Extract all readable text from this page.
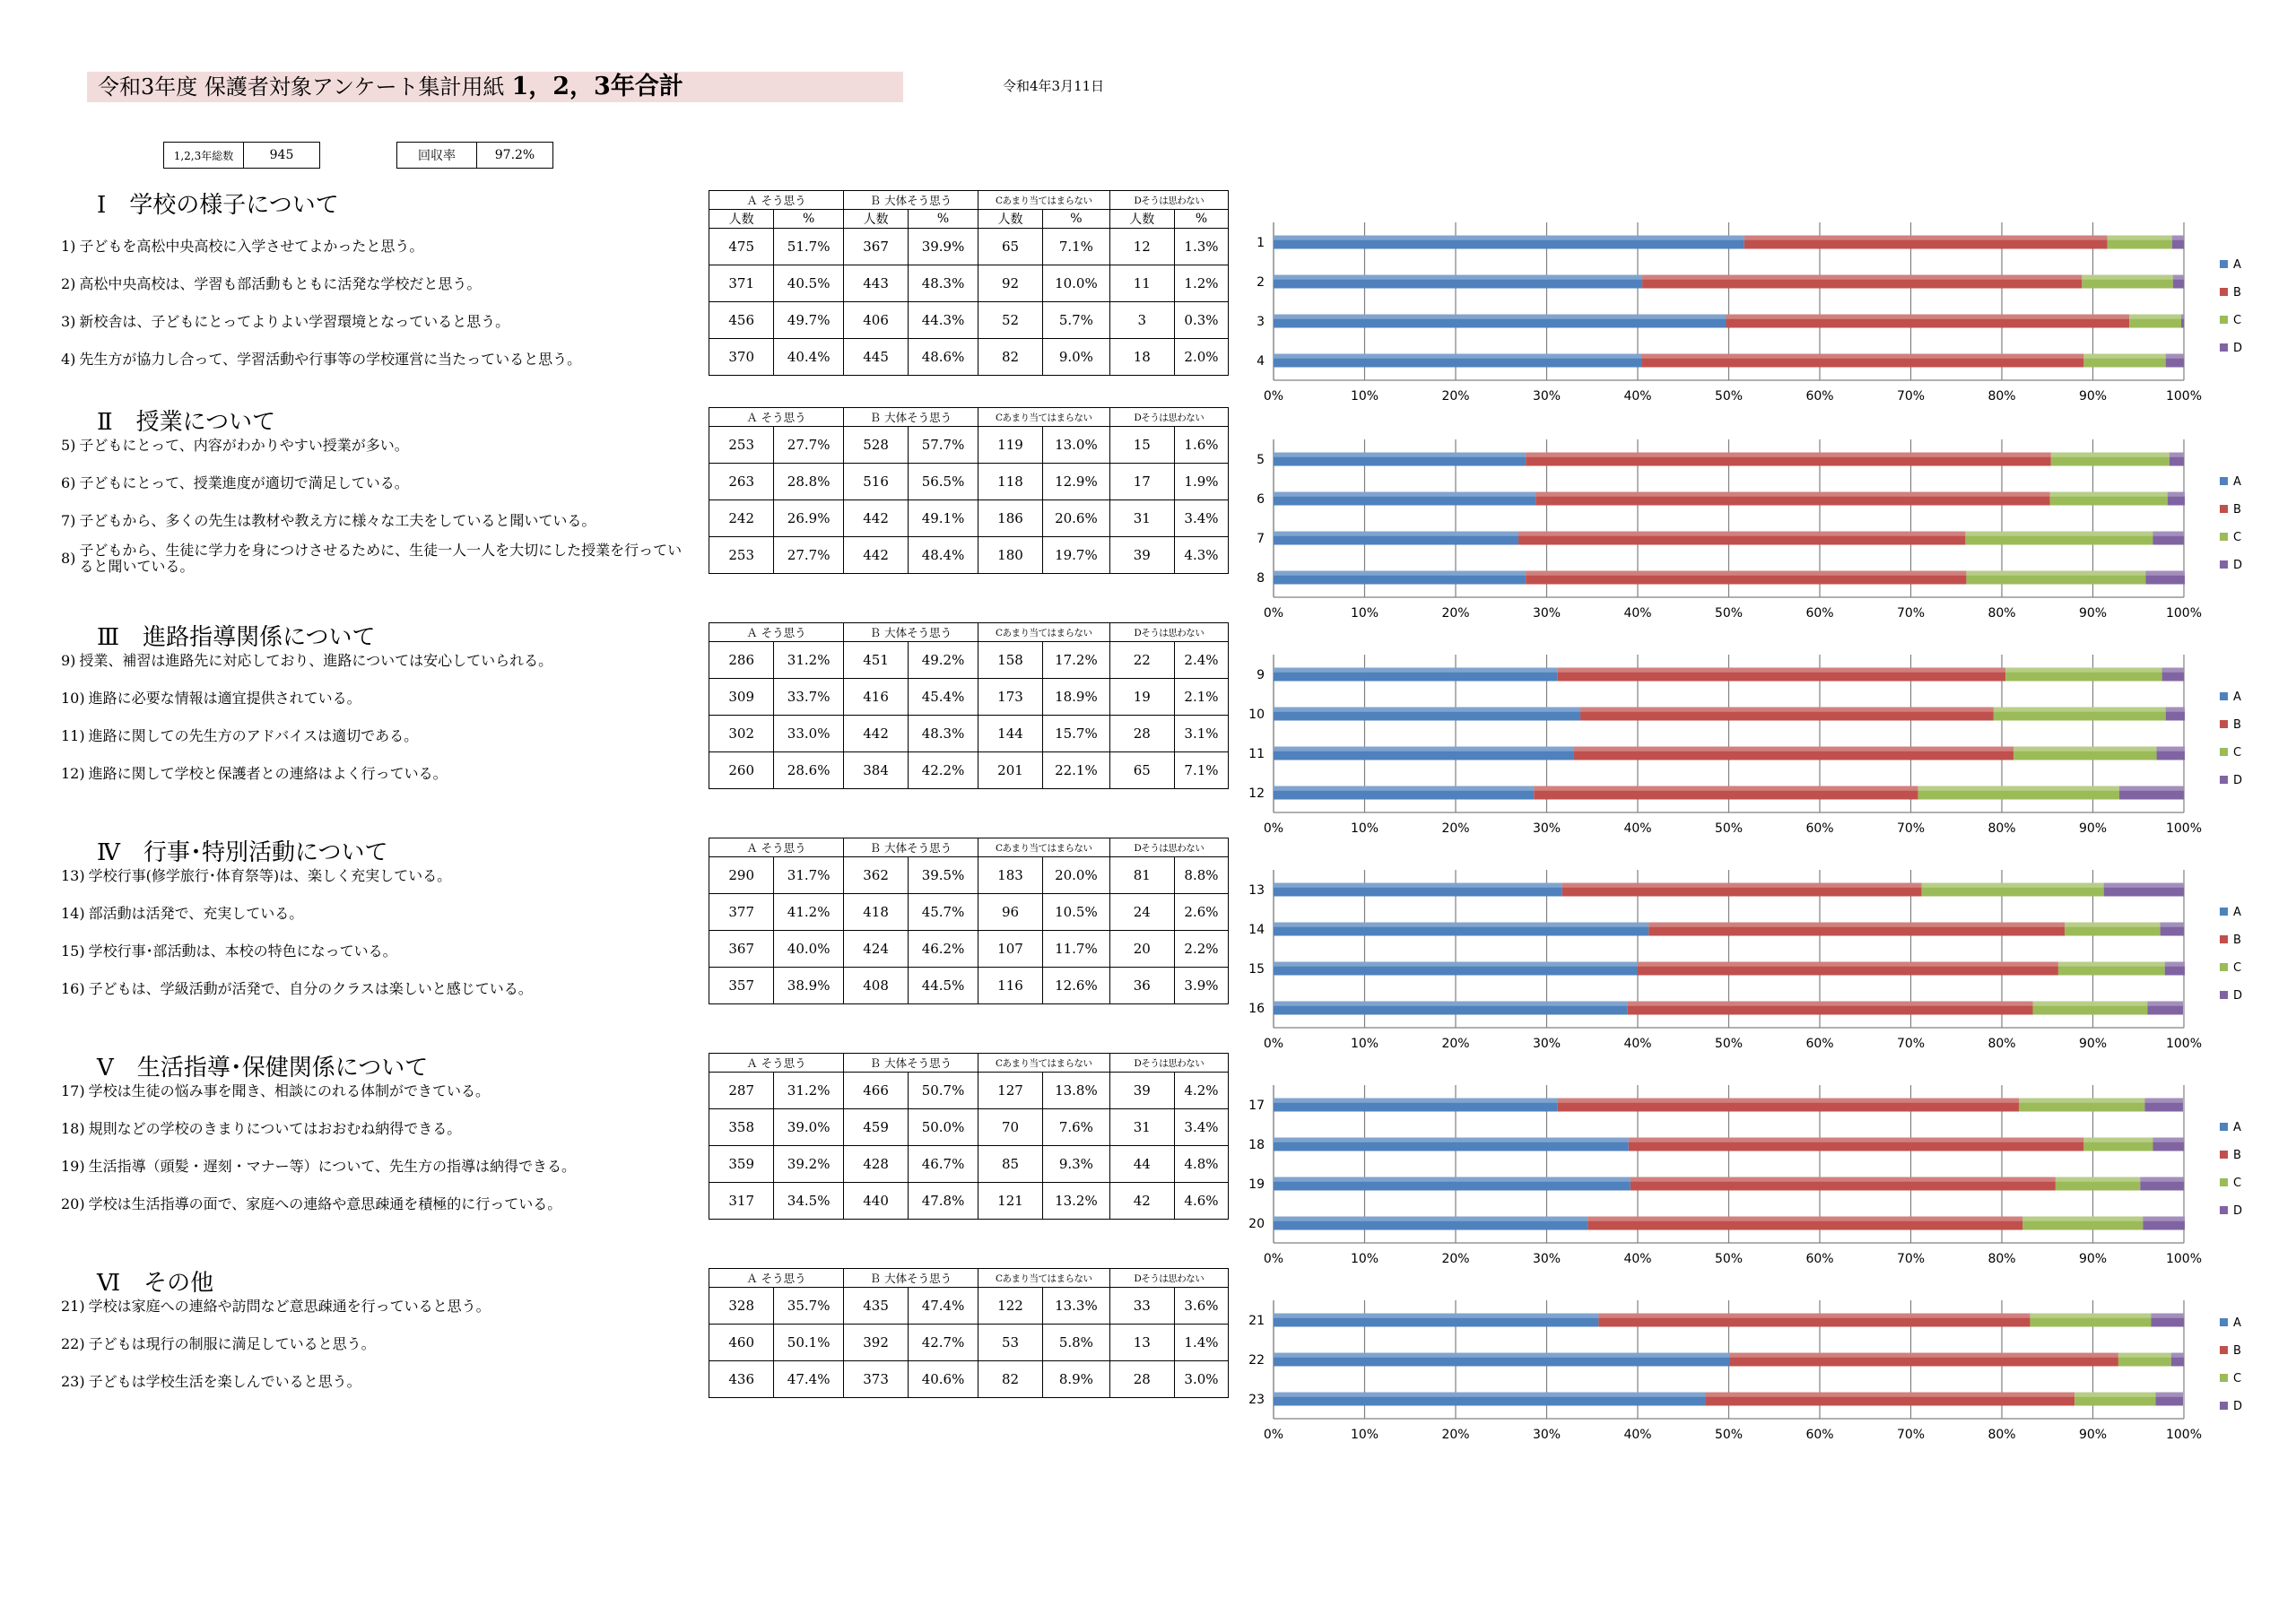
令和3年度 保護者対象アンケート集計用紙 1，2，3年合計	令和4年3月11日
1,2,3年総数	945	回収率	97.2%
Ⅰ　学校の様子について	Ａ そう思う		Ｂ 大体そう思う		Cあまり当てはまらない		Dそうは思わない	
人数	%	人数	%	人数	%	人数	%
475	51.7%	367	39.9%	65	7.1%	12	1.3%
371	40.5%	443	48.3%	92	10.0%	11	1.2%
456	49.7%	406	44.3%	52	5.7%	3	0.3%
370	40.4%	445	48.6%	82	9.0%	18	2.0%
1) 子どもを高松中央高校に入学させてよかったと思う。
2) 高松中央高校は、学習も部活動もともに活発な学校だと思う。
3) 新校舎は、子どもにとってよりよい学習環境となっていると思う。
4) 先生方が協力し合って、学習活動や行事等の学校運営に当たっていると思う。
0%	10%	20%	30%	40%	50%	60%	70%	80%	90%	100%
1
2
3
4
A
B
C
D
Ⅱ　授業について	Ａ そう思う		Ｂ 大体そう思う		Cあまり当てはまらない		Dそうは思わない	
253	27.7%	528	57.7%	119	13.0%	15	1.6%
263	28.8%	516	56.5%	118	12.9%	17	1.9%
242	26.9%	442	49.1%	186	20.6%	31	3.4%
253	27.7%	442	48.4%	180	19.7%	39	4.3%
5) 子どもにとって、内容がわかりやすい授業が多い。
6) 子どもにとって、授業進度が適切で満足している。
7) 子どもから、多くの先生は教材や教え方に様々な工夫をしていると聞いている。
8) 子どもから、生徒に学力を身につけさせるために、生徒一人一人を大切にした授業を行っていると聞いている。
0%	10%	20%	30%	40%	50%	60%	70%	80%	90%	100%
5
6
7
8
A
B
C
D
Ⅲ　進路指導関係について	Ａ そう思う		Ｂ 大体そう思う		Cあまり当てはまらない		Dそうは思わない	
286	31.2%	451	49.2%	158	17.2%	22	2.4%
309	33.7%	416	45.4%	173	18.9%	19	2.1%
302	33.0%	442	48.3%	144	15.7%	28	3.1%
260	28.6%	384	42.2%	201	22.1%	65	7.1%
9) 授業、補習は進路先に対応しており、進路については安心していられる。
10) 進路に必要な情報は適宜提供されている。
11) 進路に関しての先生方のアドバイスは適切である。
12) 進路に関して学校と保護者との連絡はよく行っている。
0%	10%	20%	30%	40%	50%	60%	70%	80%	90%	100%
9
10
11
12
A
B
C
D
Ⅳ　行事･特別活動について	Ａ そう思う		Ｂ 大体そう思う		Cあまり当てはまらない		Dそうは思わない	
290	31.7%	362	39.5%	183	20.0%	81	8.8%
377	41.2%	418	45.7%	96	10.5%	24	2.6%
367	40.0%	424	46.2%	107	11.7%	20	2.2%
357	38.9%	408	44.5%	116	12.6%	36	3.9%
13) 学校行事(修学旅行･体育祭等)は、楽しく充実している。
14) 部活動は活発で、充実している。
15) 学校行事･部活動は、本校の特色になっている。
16) 子どもは、学級活動が活発で、自分のクラスは楽しいと感じている。
0%	10%	20%	30%	40%	50%	60%	70%	80%	90%	100%
13
14
15
16
A
B
C
D
Ⅴ　生活指導･保健関係について	Ａ そう思う		Ｂ 大体そう思う		Cあまり当てはまらない		Dそうは思わない	
287	31.2%	466	50.7%	127	13.8%	39	4.2%
358	39.0%	459	50.0%	70	7.6%	31	3.4%
359	39.2%	428	46.7%	85	9.3%	44	4.8%
317	34.5%	440	47.8%	121	13.2%	42	4.6%
17) 学校は生徒の悩み事を聞き、相談にのれる体制ができている。
18) 規則などの学校のきまりについてはおおむね納得できる。
19) 生活指導（頭髪・遅刻・マナー等）について、先生方の指導は納得できる。
20) 学校は生活指導の面で、家庭への連絡や意思疎通を積極的に行っている。
0%	10%	20%	30%	40%	50%	60%	70%	80%	90%	100%
17
18
19
20
A
B
C
D
Ⅵ　その他	Ａ そう思う		Ｂ 大体そう思う		Cあまり当てはまらない		Dそうは思わない	
328	35.7%	435	47.4%	122	13.3%	33	3.6%
460	50.1%	392	42.7%	53	5.8%	13	1.4%
436	47.4%	373	40.6%	82	8.9%	28	3.0%
21) 学校は家庭への連絡や訪問など意思疎通を行っていると思う。
22) 子どもは現行の制服に満足していると思う。
23) 子どもは学校生活を楽しんでいると思う。
0%	10%	20%	30%	40%	50%	60%	70%	80%	90%	100%
21
22
23
A
B
C
D
